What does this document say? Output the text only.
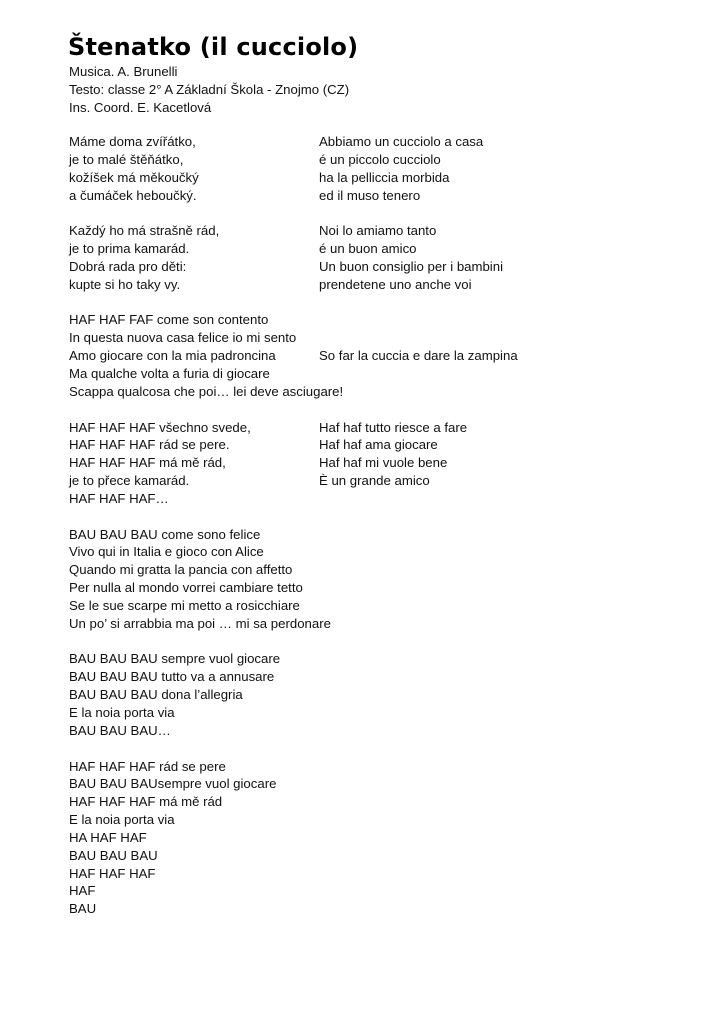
Štenatko (il cucciolo)
Musica. A. Brunelli
Testo: classe 2° A Základní Škola - Znojmo (CZ)
Ins. Coord. E. Kacetlová
Máme doma zvířátko,	Abbiamo un cucciolo a casa
je to malé štěňátko,	é un piccolo cucciolo
kožíšek má měkoučký	ha la pelliccia morbida
a čumáček heboučký.	ed il muso tenero
Každý ho má strašně rád,	Noi lo amiamo tanto
je to prima kamarád.	é un buon amico
Dobrá rada pro děti:	Un buon consiglio per i bambini
kupte si ho taky vy.	prendetene uno anche voi
HAF HAF FAF come son contento
In questa nuova casa felice io mi sento
Amo giocare con la mia padroncina	So far la cuccia e dare la zampina
Ma qualche volta a furia di giocare
Scappa qualcosa che poi… lei deve asciugare!
HAF HAF HAF všechno svede,	Haf haf tutto riesce a fare
HAF HAF HAF rád se pere.	Haf haf ama giocare
HAF HAF HAF má mě rád,	Haf haf mi vuole bene
je to přece kamarád.	È un grande amico
HAF HAF HAF…
BAU BAU BAU come sono felice
Vivo qui in Italia e gioco con Alice
Quando mi gratta la pancia con affetto
Per nulla al mondo vorrei cambiare tetto
Se le sue scarpe mi metto a rosicchiare
Un po’ si arrabbia ma poi … mi sa perdonare
BAU BAU BAU sempre vuol giocare
BAU BAU BAU tutto va a annusare
BAU BAU BAU dona l’allegria
E la noia porta via
BAU BAU BAU…
HAF HAF HAF rád se pere
BAU BAU BAUsempre vuol giocare
HAF HAF HAF má mě rád
E la noia porta via
HA HAF HAF
BAU BAU BAU
HAF HAF HAF
HAF
BAU
